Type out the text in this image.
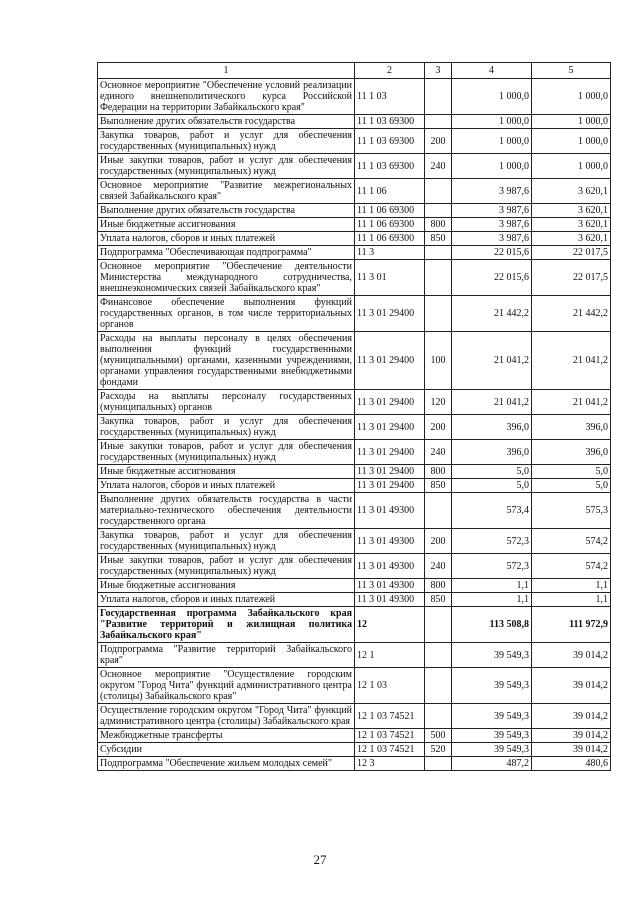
1	2	3	4	5
Основное мероприятие "Обеспечение условий реализации единого внешнеполитического курса Российской Федерации на территории Забайкальского края"	11 1 03		1 000,0	1 000,0
Выполнение других обязательств государства	11 1 03 69300		1 000,0	1 000,0
Закупка товаров, работ и услуг для обеспечения государственных (муниципальных) нужд	11 1 03 69300	200	1 000,0	1 000,0
Иные закупки товаров, работ и услуг для обеспечения государственных (муниципальных) нужд	11 1 03 69300	240	1 000,0	1 000,0
Основное мероприятие "Развитие межрегиональных связей Забайкальского края"	11 1 06		3 987,6	3 620,1
Выполнение других обязательств государства	11 1 06 69300		3 987,6	3 620,1
Иные бюджетные ассигнования	11 1 06 69300	800	3 987,6	3 620,1
Уплата налогов, сборов и иных платежей	11 1 06 69300	850	3 987,6	3 620,1
Подпрограмма "Обеспечивающая подпрограмма"	11 3		22 015,6	22 017,5
Основное мероприятие "Обеспечение деятельности Министерства международного сотрудничества, внешнеэкономических связей Забайкальского края"	11 3 01		22 015,6	22 017,5
Финансовое обеспечение выполнения функций государственных органов, в том числе территориальных органов	11 3 01 29400		21 442,2	21 442,2
Расходы на выплаты персоналу в целях обеспечения выполнения функций государственными (муниципальными) органами, казенными учреждениями, органами управления государственными внебюджетными фондами	11 3 01 29400	100	21 041,2	21 041,2
Расходы на выплаты персоналу государственных (муниципальных) органов	11 3 01 29400	120	21 041,2	21 041,2
Закупка товаров, работ и услуг для обеспечения государственных (муниципальных) нужд	11 3 01 29400	200	396,0	396,0
Иные закупки товаров, работ и услуг для обеспечения государственных (муниципальных) нужд	11 3 01 29400	240	396,0	396,0
Иные бюджетные ассигнования	11 3 01 29400	800	5,0	5,0
Уплата налогов, сборов и иных платежей	11 3 01 29400	850	5,0	5,0
Выполнение других обязательств государства в части материально-технического обеспечения деятельности государственного органа	11 3 01 49300		573,4	575,3
Закупка товаров, работ и услуг для обеспечения государственных (муниципальных) нужд	11 3 01 49300	200	572,3	574,2
Иные закупки товаров, работ и услуг для обеспечения государственных (муниципальных) нужд	11 3 01 49300	240	572,3	574,2
Иные бюджетные ассигнования	11 3 01 49300	800	1,1	1,1
Уплата налогов, сборов и иных платежей	11 3 01 49300	850	1,1	1,1
Государственная программа Забайкальского края "Развитие территорий и жилищная политика Забайкальского края"	12		113 508,8	111 972,9
Подпрограмма "Развитие территорий Забайкальского края"	12 1		39 549,3	39 014,2
Основное мероприятие "Осуществление городским округом "Город Чита" функций административного центра (столицы) Забайкальского края"	12 1 03		39 549,3	39 014,2
Осуществление городским округом "Город Чита" функций административного центра (столицы) Забайкальского края	12 1 03 74521		39 549,3	39 014,2
Межбюджетные трансферты	12 1 03 74521	500	39 549,3	39 014,2
Субсидии	12 1 03 74521	520	39 549,3	39 014,2
Подпрограмма "Обеспечение жильем молодых семей"	12 3		487,2	480,6
27
